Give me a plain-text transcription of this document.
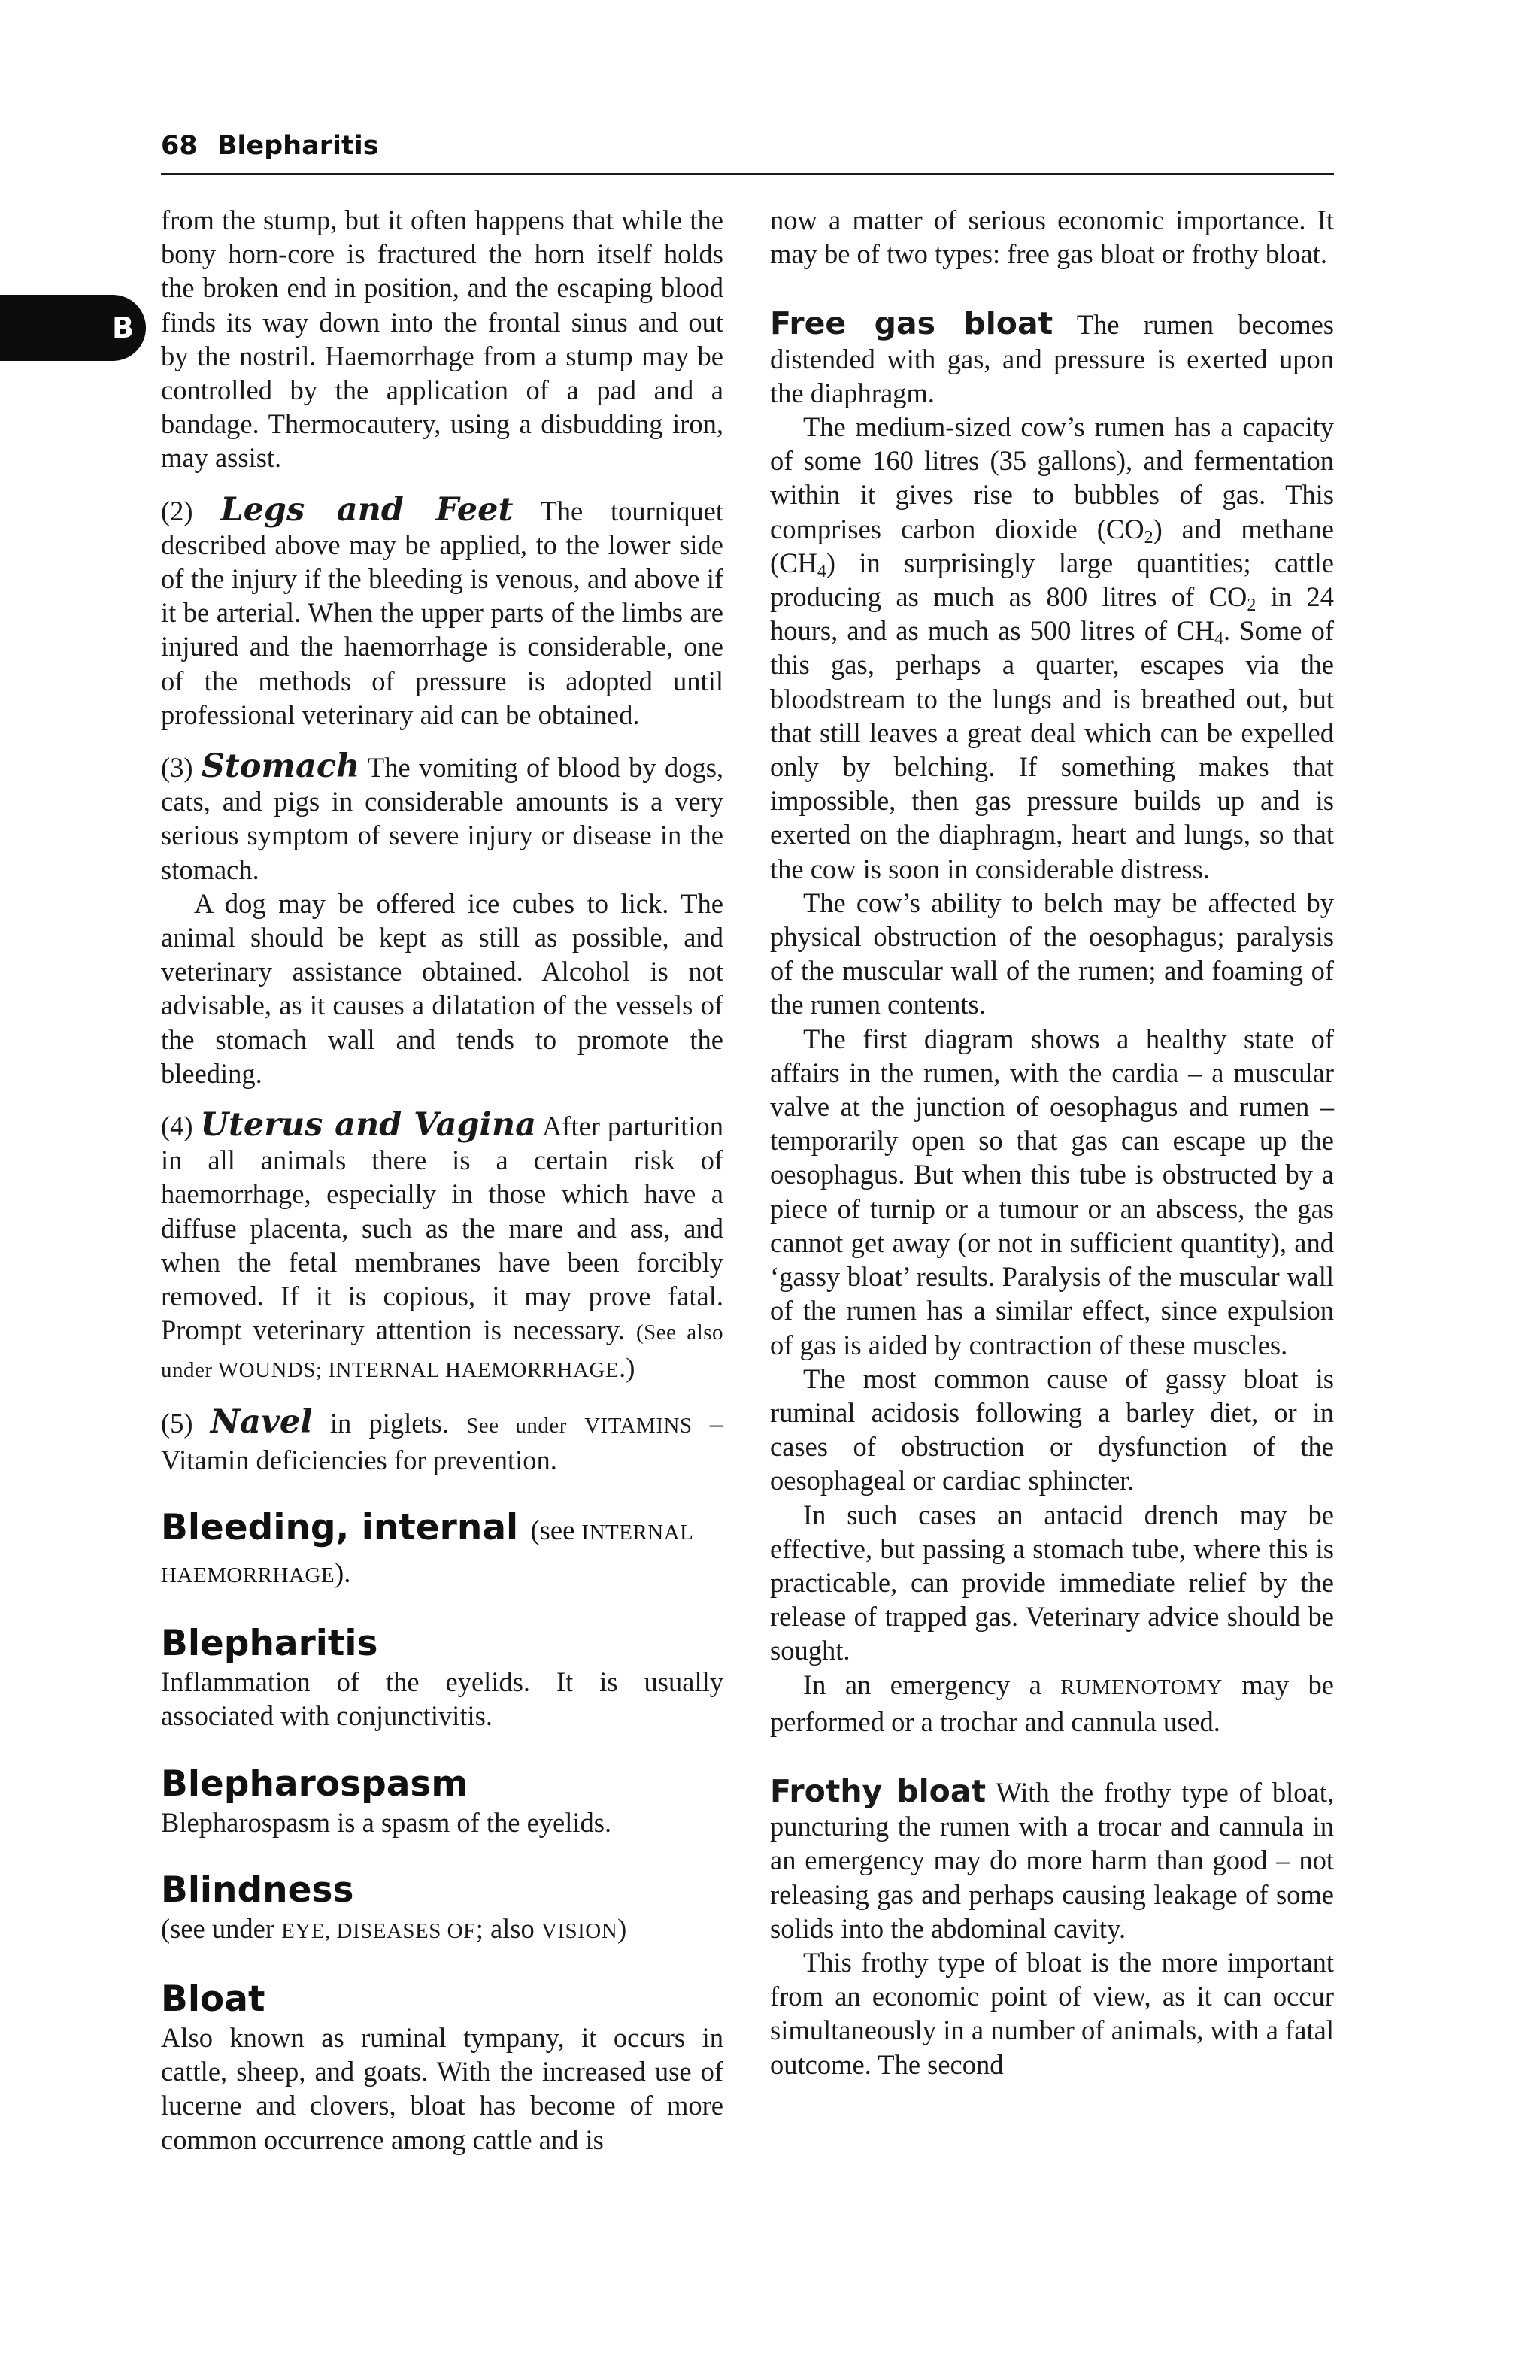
68 Blepharitis
B

from the stump, but it often happens that while the bony horn-core is fractured the horn itself holds the broken end in position, and the escaping blood finds its way down into the frontal sinus and out by the nostril. Haemorrhage from a stump may be controlled by the application of a pad and a bandage. Thermocautery, using a disbudding iron, may assist.

(2) Legs and Feet The tourniquet described above may be applied, to the lower side of the injury if the bleeding is venous, and above if it be arterial. When the upper parts of the limbs are injured and the haemorrhage is considerable, one of the methods of pressure is adopted until professional veterinary aid can be obtained.

(3) Stomach The vomiting of blood by dogs, cats, and pigs in considerable amounts is a very serious symptom of severe injury or disease in the stomach.

A dog may be offered ice cubes to lick. The animal should be kept as still as possible, and veterinary assistance obtained. Alcohol is not advisable, as it causes a dilatation of the vessels of the stomach wall and tends to promote the bleeding.

(4) Uterus and Vagina After parturition in all animals there is a certain risk of haemorrhage, especially in those which have a diffuse placenta, such as the mare and ass, and when the fetal membranes have been forcibly removed. If it is copious, it may prove fatal. Prompt veterinary attention is necessary. (See also under WOUNDS; INTERNAL HAEMORRHAGE.)

(5) Navel in piglets. See under VITAMINS – Vitamin deficiencies for prevention.

Bleeding, internal (see INTERNAL HAEMORRHAGE).

Blepharitis

Inflammation of the eyelids. It is usually associated with conjunctivitis.

Blepharospasm

Blepharospasm is a spasm of the eyelids.

Blindness

(see under EYE, DISEASES OF; also VISION)

Bloat

Also known as ruminal tympany, it occurs in cattle, sheep, and goats. With the increased use of lucerne and clovers, bloat has become of more common occurrence among cattle and is

now a matter of serious economic importance. It may be of two types: free gas bloat or frothy bloat.

Free gas bloat The rumen becomes distended with gas, and pressure is exerted upon the diaphragm.

The medium-sized cow’s rumen has a capacity of some 160 litres (35 gallons), and fermentation within it gives rise to bubbles of gas. This comprises carbon dioxide $(CO_2)$ and methane $(CH_4)$ in surprisingly large quantities; cattle producing as much as 800 litres of $CO_2$ in 24 hours, and as much as 500 litres of $CH_4$. Some of this gas, perhaps a quarter, escapes via the bloodstream to the lungs and is breathed out, but that still leaves a great deal which can be expelled only by belching. If something makes that impossible, then gas pressure builds up and is exerted on the diaphragm, heart and lungs, so that the cow is soon in considerable distress.

The cow’s ability to belch may be affected by physical obstruction of the oesophagus; paralysis of the muscular wall of the rumen; and foaming of the rumen contents.

The first diagram shows a healthy state of affairs in the rumen, with the cardia – a muscular valve at the junction of oesophagus and rumen – temporarily open so that gas can escape up the oesophagus. But when this tube is obstructed by a piece of turnip or a tumour or an abscess, the gas cannot get away (or not in sufficient quantity), and ‘gassy bloat’ results. Paralysis of the muscular wall of the rumen has a similar effect, since expulsion of gas is aided by contraction of these muscles.

The most common cause of gassy bloat is ruminal acidosis following a barley diet, or in cases of obstruction or dysfunction of the oesophageal or cardiac sphincter.

In such cases an antacid drench may be effective, but passing a stomach tube, where this is practicable, can provide immediate relief by the release of trapped gas. Veterinary advice should be sought.

In an emergency a RUMENOTOMY may be performed or a trochar and cannula used.

Frothy bloat With the frothy type of bloat, puncturing the rumen with a trocar and cannula in an emergency may do more harm than good – not releasing gas and perhaps causing leakage of some solids into the abdominal cavity.

This frothy type of bloat is the more important from an economic point of view, as it can occur simultaneously in a number of animals, with a fatal outcome. The second
